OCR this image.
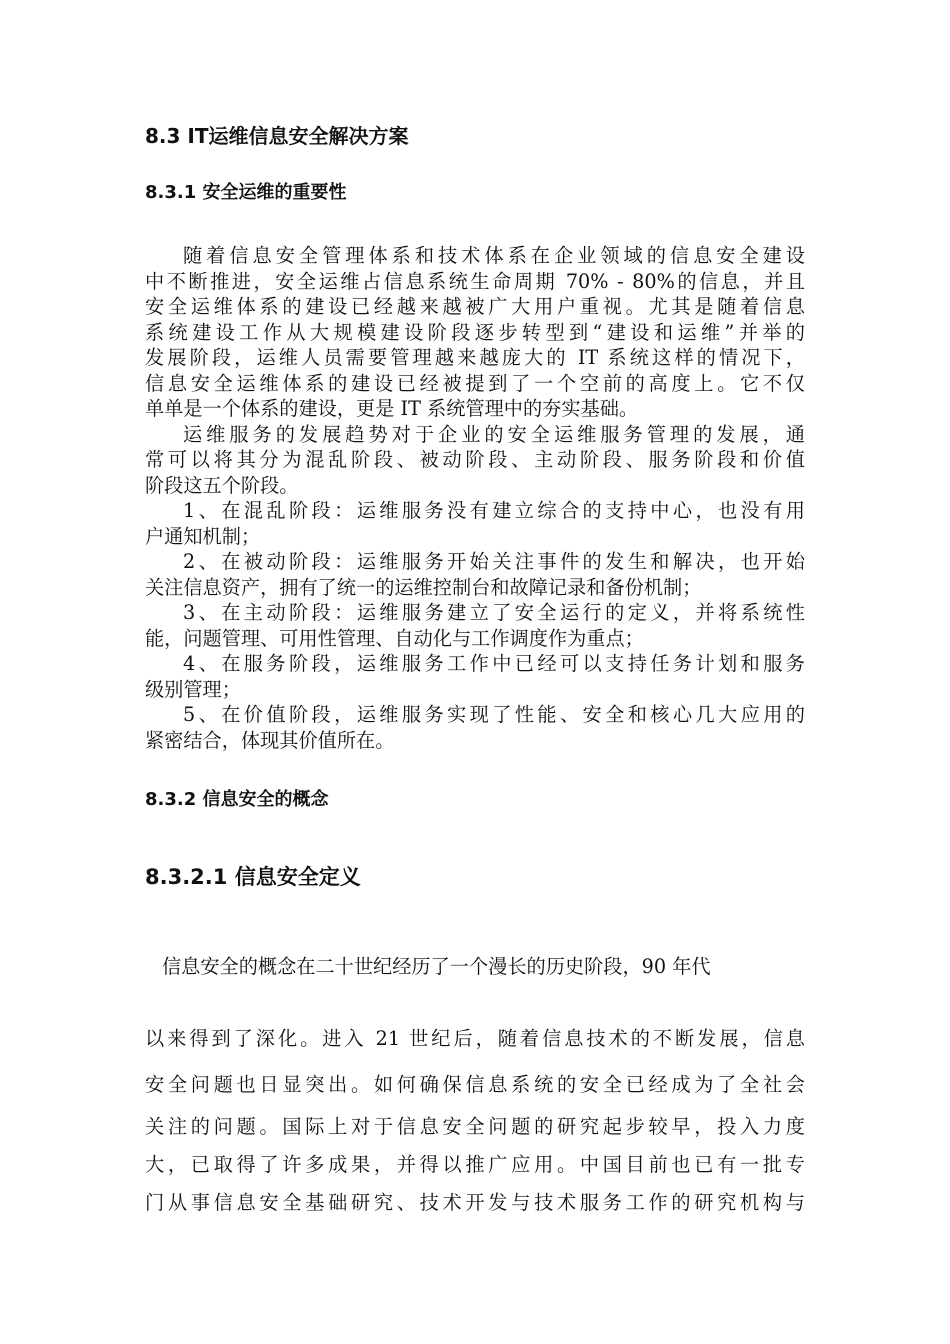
8.3 IT运维信息安全解决方案
8.3.1 安全运维的重要性
随着信息安全管理体系和技术体系在企业领域的信息安全建设
中不断推进，安全运维占信息系统生命周期 70% - 80%的信息，并且
安全运维体系的建设已经越来越被广大用户重视。尤其是随着信息
系统建设工作从大规模建设阶段逐步转型到“建设和运维”并举的
发展阶段，运维人员需要管理越来越庞大的 IT 系统这样的情况下，
信息安全运维体系的建设已经被提到了一个空前的高度上。它不仅
单单是一个体系的建设，更是 IT 系统管理中的夯实基础。
运维服务的发展趋势对于企业的安全运维服务管理的发展，通
常可以将其分为混乱阶段、被动阶段、主动阶段、服务阶段和价值
阶段这五个阶段。
1、在混乱阶段：运维服务没有建立综合的支持中心，也没有用
户通知机制；
2、在被动阶段：运维服务开始关注事件的发生和解决，也开始
关注信息资产，拥有了统一的运维控制台和故障记录和备份机制；
3、在主动阶段：运维服务建立了安全运行的定义，并将系统性
能，问题管理、可用性管理、自动化与工作调度作为重点；
4、在服务阶段，运维服务工作中已经可以支持任务计划和服务
级别管理；
5、在价值阶段，运维服务实现了性能、安全和核心几大应用的
紧密结合，体现其价值所在。
8.3.2 信息安全的概念
8.3.2.1 信息安全定义
信息安全的概念在二十世纪经历了一个漫长的历史阶段，90 年代
以来得到了深化。进入 21 世纪后，随着信息技术的不断发展，信息
安全问题也日显突出。如何确保信息系统的安全已经成为了全社会
关注的问题。国际上对于信息安全问题的研究起步较早，投入力度
大，已取得了许多成果，并得以推广应用。中国目前也已有一批专
门从事信息安全基础研究、技术开发与技术服务工作的研究机构与
